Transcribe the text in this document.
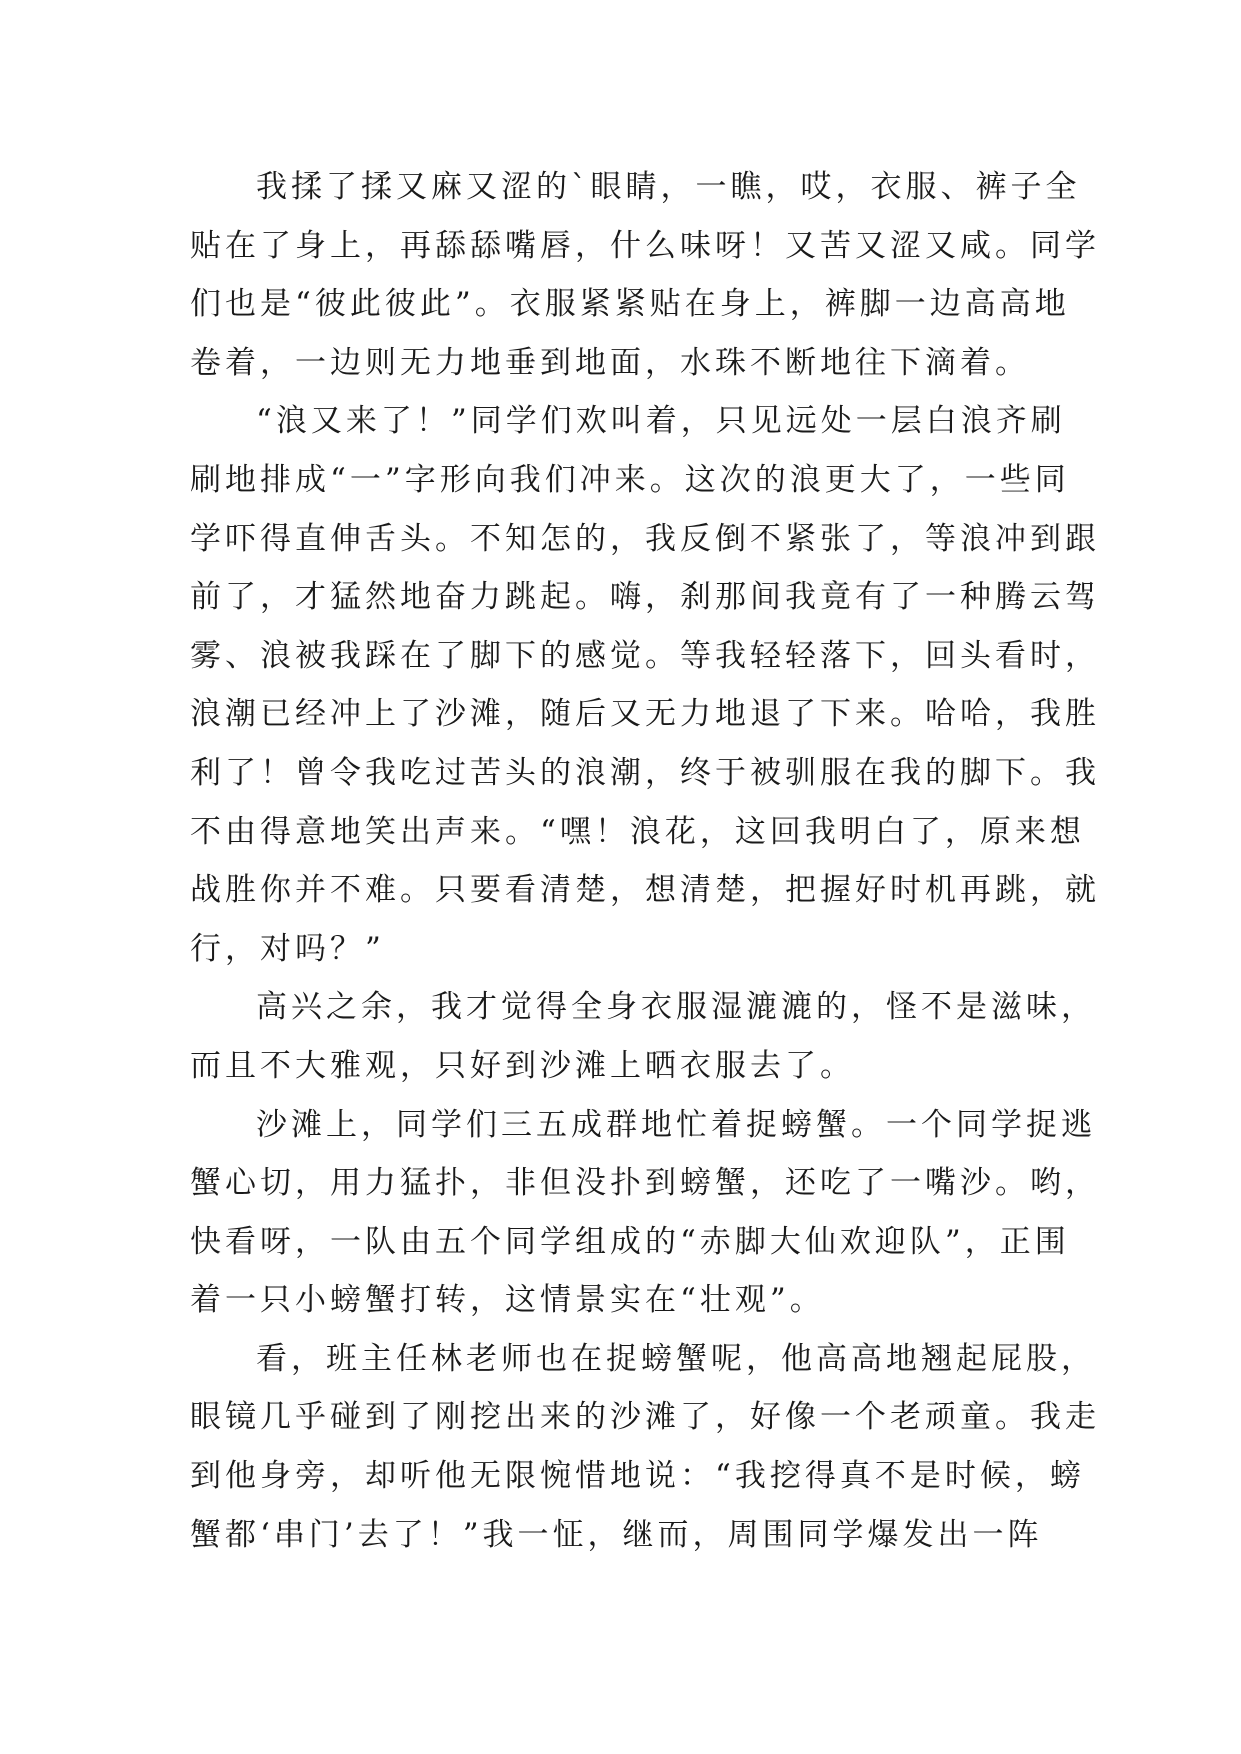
我揉了揉又麻又涩的`眼睛，一瞧，哎，衣服、裤子全
贴在了身上，再舔舔嘴唇，什么味呀！又苦又涩又咸。同学
们也是“彼此彼此”。衣服紧紧贴在身上，裤脚一边高高地
卷着，一边则无力地垂到地面，水珠不断地往下滴着。
“浪又来了！”同学们欢叫着，只见远处一层白浪齐刷
刷地排成“一”字形向我们冲来。这次的浪更大了，一些同
学吓得直伸舌头。不知怎的，我反倒不紧张了，等浪冲到跟
前了，才猛然地奋力跳起。嗨，刹那间我竟有了一种腾云驾
雾、浪被我踩在了脚下的感觉。等我轻轻落下，回头看时，
浪潮已经冲上了沙滩，随后又无力地退了下来。哈哈，我胜
利了！曾令我吃过苦头的浪潮，终于被驯服在我的脚下。我
不由得意地笑出声来。“嘿！浪花，这回我明白了，原来想
战胜你并不难。只要看清楚，想清楚，把握好时机再跳，就
行，对吗？”
高兴之余，我才觉得全身衣服湿漉漉的，怪不是滋味，
而且不大雅观，只好到沙滩上晒衣服去了。
沙滩上，同学们三五成群地忙着捉螃蟹。一个同学捉逃
蟹心切，用力猛扑，非但没扑到螃蟹，还吃了一嘴沙。哟，
快看呀，一队由五个同学组成的“赤脚大仙欢迎队”，正围
着一只小螃蟹打转，这情景实在“壮观”。
看，班主任林老师也在捉螃蟹呢，他高高地翘起屁股，
眼镜几乎碰到了刚挖出来的沙滩了，好像一个老顽童。我走
到他身旁，却听他无限惋惜地说：“我挖得真不是时候，螃
蟹都‘串门’去了！”我一怔，继而，周围同学爆发出一阵
